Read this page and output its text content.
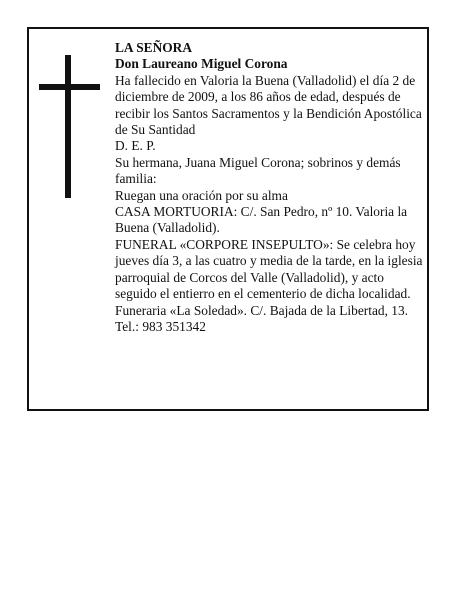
LA SEÑORA

Don Laureano Miguel Corona

Ha fallecido en Valoria la Buena (Valladolid) el día 2 de diciembre de 2009, a los 86 años de edad, después de recibir los Santos Sacramentos y la Bendición Apostólica de Su Santidad

D. E. P.

Su hermana, Juana Miguel Corona; sobrinos y demás familia:

Ruegan una oración por su alma

CASA MORTUORIA: C/. San Pedro, nº 10. Valoria la Buena (Valladolid).

FUNERAL «CORPORE INSEPULTO»: Se celebra hoy jueves día 3, a las cuatro y media de la tarde, en la iglesia parroquial de Corcos del Valle (Valladolid), y acto seguido el entierro en el cementerio de dicha localidad.

Funeraria «La Soledad». C/. Bajada de la Libertad, 13. Tel.: 983 351342
